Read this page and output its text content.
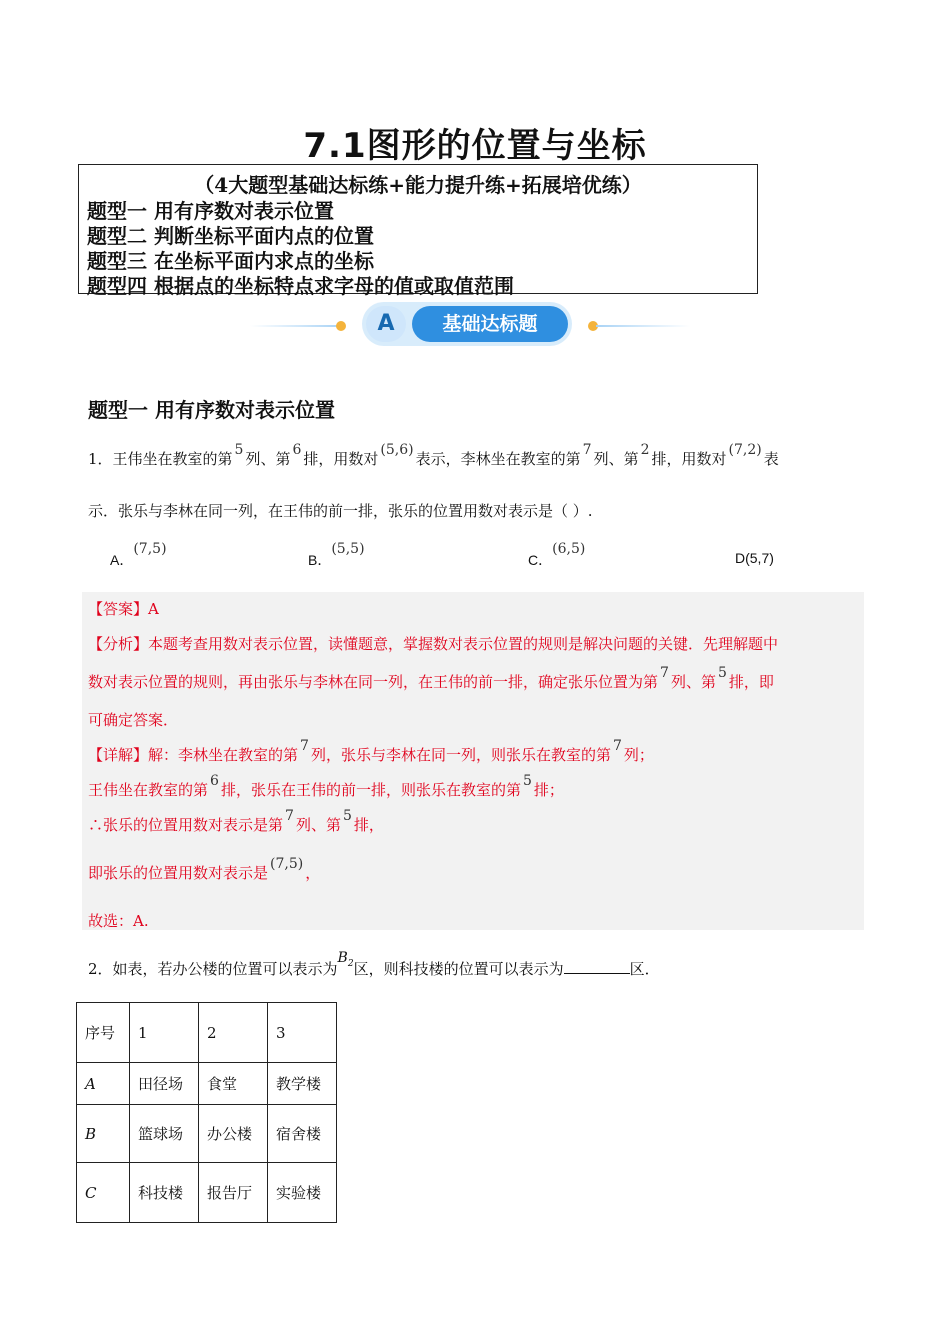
7.1图形的位置与坐标
（4大题型基础达标练+能力提升练+拓展培优练）
题型一 用有序数对表示位置
题型二 判断坐标平面内点的位置
题型三 在坐标平面内求点的坐标
题型四 根据点的坐标特点求字母的值或取值范围
A	基础达标题
题型一 用有序数对表示位置
1．王伟坐在教室的第 5 列、第 6 排，用数对 (5,6) 表示，李林坐在教室的第 7 列、第 2 排，用数对 (7,2) 表
示．张乐与李林在同一列，在王伟的前一排，张乐的位置用数对表示是（ ）.
A．(7,5)
B．(5,5)
C．(6,5)
D(5,7)
【答案】A
【分析】本题考查用数对表示位置，读懂题意，掌握数对表示位置的规则是解决问题的关键．先理解题中
数对表示位置的规则，再由张乐与李林在同一列，在王伟的前一排，确定张乐位置为第 7 列、第 5 排，即
可确定答案．
【详解】解：李林坐在教室的第 7 列，张乐与李林在同一列，则张乐在教室的第 7 列；
王伟坐在教室的第 6 排，张乐在王伟的前一排，则张乐在教室的第 5 排；
∴张乐的位置用数对表示是第 7 列、第 5 排，
即张乐的位置用数对表示是 (7,5) ，
故选：A.
2．如表，若办公楼的位置可以表示为$B_2$区，则科技楼的位置可以表示为	区．
序号	1	2	3
A	田径场	食堂	教学楼
B	篮球场	办公楼	宿舍楼
C	科技楼	报告厅	实验楼
